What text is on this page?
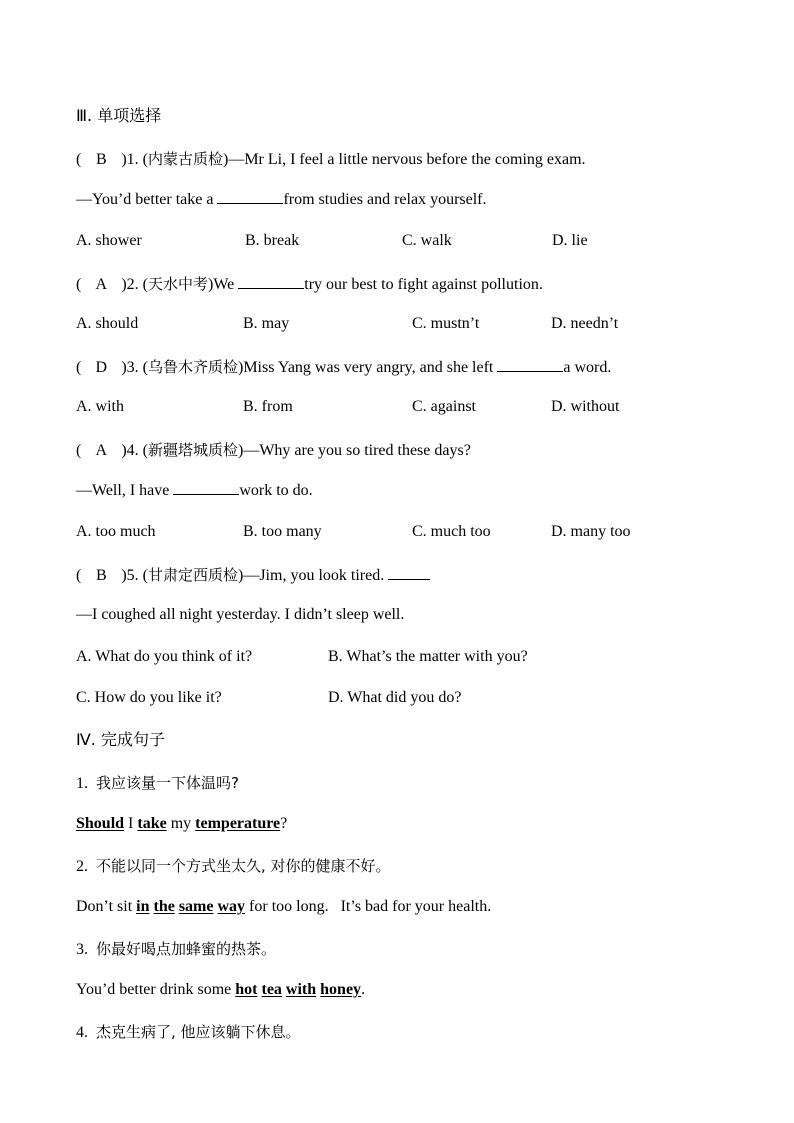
Ⅲ. 单项选择
( B )1. (内蒙古质检)—Mr Li, I feel a little nervous before the coming exam.
—You’d better take a	from studies and relax yourself.
A. shower	B. break	C. walk	D. lie
( A )2. (天水中考)We	try our best to fight against pollution.
A. should	B. may	C. mustn’t	D. needn’t
( D )3. (乌鲁木齐质检)Miss Yang was very angry, and she left	a word.
A. with	B. from	C. against	D. without
( A )4. (新疆塔城质检)—Why are you so tired these days?
—Well, I have	work to do.
A. too much	B. too many	C. much too	D. many too
( B )5. (甘肃定西质检)—Jim, you look tired.
—I coughed all night yesterday. I didn’t sleep well.
A. What do you think of it?	B. What’s the matter with you?
C. How do you like it?	D. What did you do?
Ⅳ. 完成句子
1. 我应该量一下体温吗?
Should I take my temperature?
2. 不能以同一个方式坐太久, 对你的健康不好。
Don’t sit in the same way for too long.   It’s bad for your health.
3. 你最好喝点加蜂蜜的热茶。
You’d better drink some hot tea with honey.
4. 杰克生病了, 他应该躺下休息。
